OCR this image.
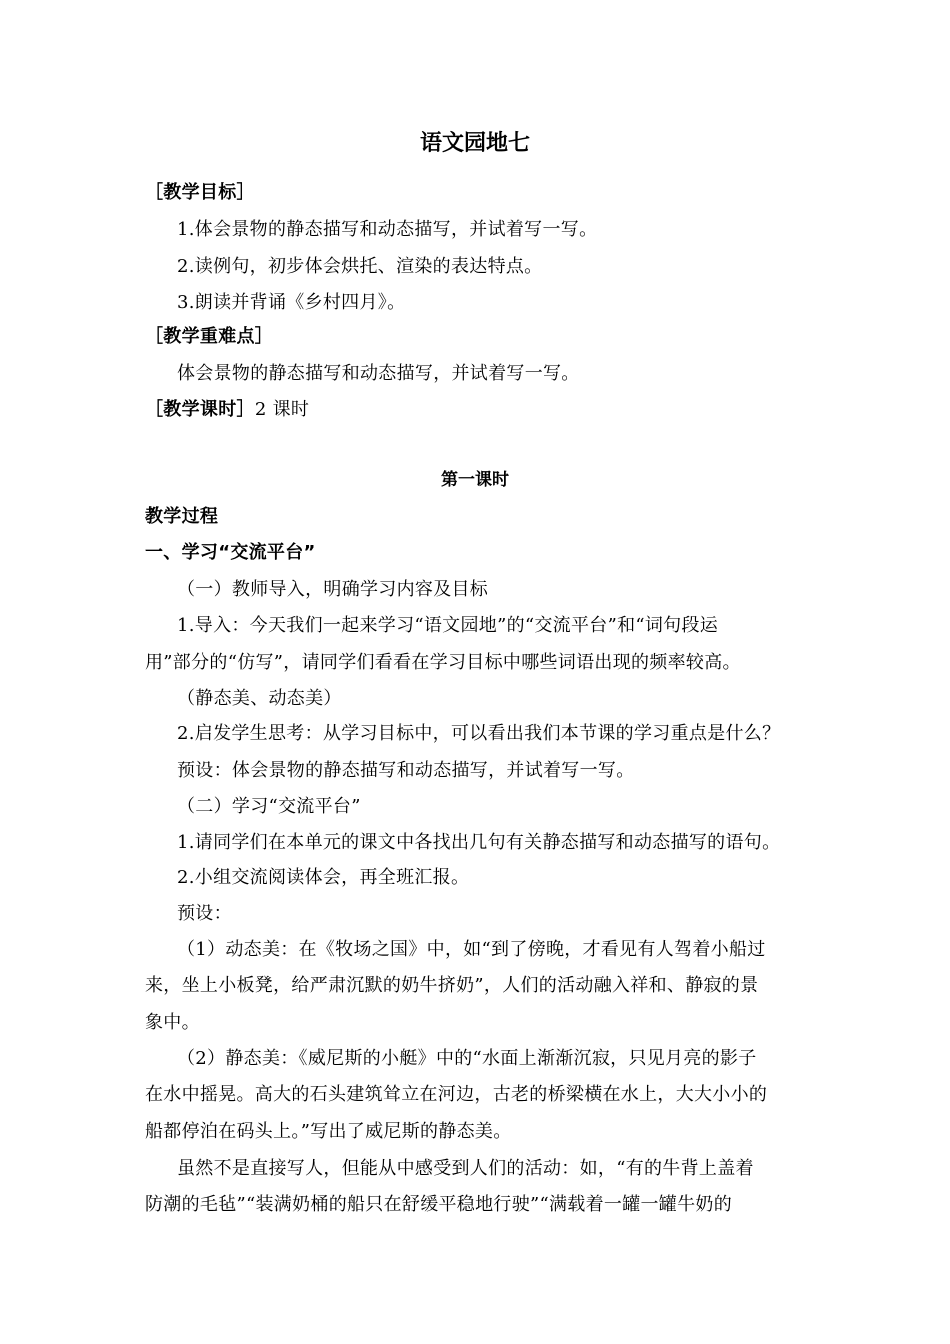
语文园地七
［教学目标］
1.体会景物的静态描写和动态描写，并试着写一写。
2.读例句，初步体会烘托、渲染的表达特点。
3.朗读并背诵《乡村四月》。
［教学重难点］
体会景物的静态描写和动态描写，并试着写一写。
［教学课时］2 课时
第一课时
教学过程
一、学习“交流平台”
（一）教师导入，明确学习内容及目标
1.导入：今天我们一起来学习“语文园地”的“交流平台”和“词句段运
用”部分的“仿写”，请同学们看看在学习目标中哪些词语出现的频率较高。
（静态美、动态美）
2.启发学生思考：从学习目标中，可以看出我们本节课的学习重点是什么？
预设：体会景物的静态描写和动态描写，并试着写一写。
（二）学习“交流平台”
1.请同学们在本单元的课文中各找出几句有关静态描写和动态描写的语句。
2.小组交流阅读体会，再全班汇报。
预设：
（1）动态美：在《牧场之国》中，如“到了傍晚，才看见有人驾着小船过
来，坐上小板凳，给严肃沉默的奶牛挤奶”，人们的活动融入祥和、静寂的景
象中。
（2）静态美：《威尼斯的小艇》中的“水面上渐渐沉寂，只见月亮的影子
在水中摇晃。高大的石头建筑耸立在河边，古老的桥梁横在水上，大大小小的
船都停泊在码头上。”写出了威尼斯的静态美。
虽然不是直接写人，但能从中感受到人们的活动：如，“有的牛背上盖着
防潮的毛毡”“装满奶桶的船只在舒缓平稳地行驶”“满载着一罐一罐牛奶的
